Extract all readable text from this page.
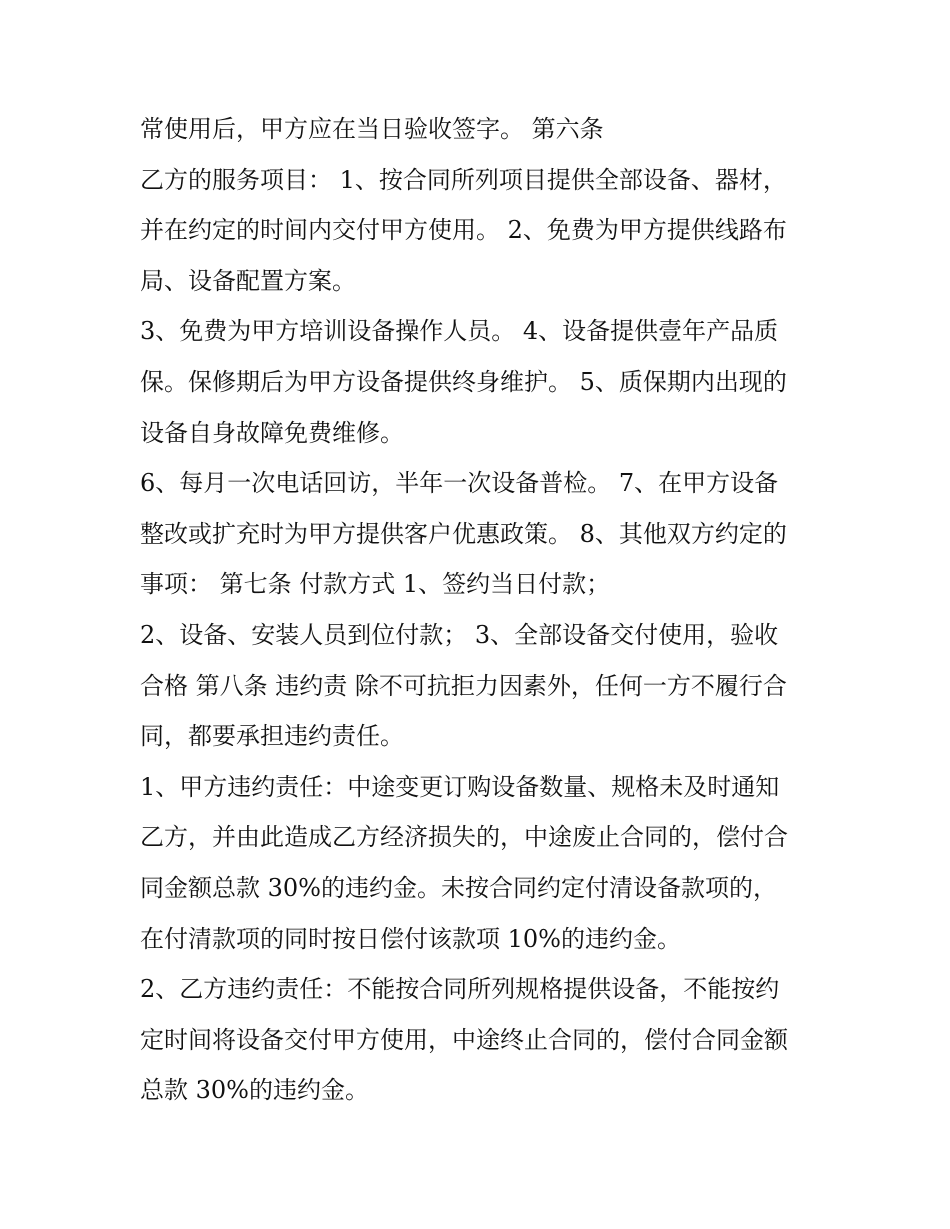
常使用后，甲方应在当日验收签字。 第六条
乙方的服务项目： 1、按合同所列项目提供全部设备、器材，
并在约定的时间内交付甲方使用。 2、免费为甲方提供线路布
局、设备配置方案。
3、免费为甲方培训设备操作人员。 4、设备提供壹年产品质
保。保修期后为甲方设备提供终身维护。 5、质保期内出现的
设备自身故障免费维修。
6、每月一次电话回访，半年一次设备普检。 7、在甲方设备
整改或扩充时为甲方提供客户优惠政策。 8、其他双方约定的
事项： 第七条 付款方式 1、签约当日付款；
2、设备、安装人员到位付款； 3、全部设备交付使用，验收
合格 第八条 违约责 除不可抗拒力因素外，任何一方不履行合
同，都要承担违约责任。
1、甲方违约责任：中途变更订购设备数量、规格未及时通知
乙方，并由此造成乙方经济损失的，中途废止合同的，偿付合
同金额总款 30%的违约金。未按合同约定付清设备款项的，
在付清款项的同时按日偿付该款项 10%的违约金。
2、乙方违约责任：不能按合同所列规格提供设备，不能按约
定时间将设备交付甲方使用，中途终止合同的，偿付合同金额
总款 30%的违约金。
